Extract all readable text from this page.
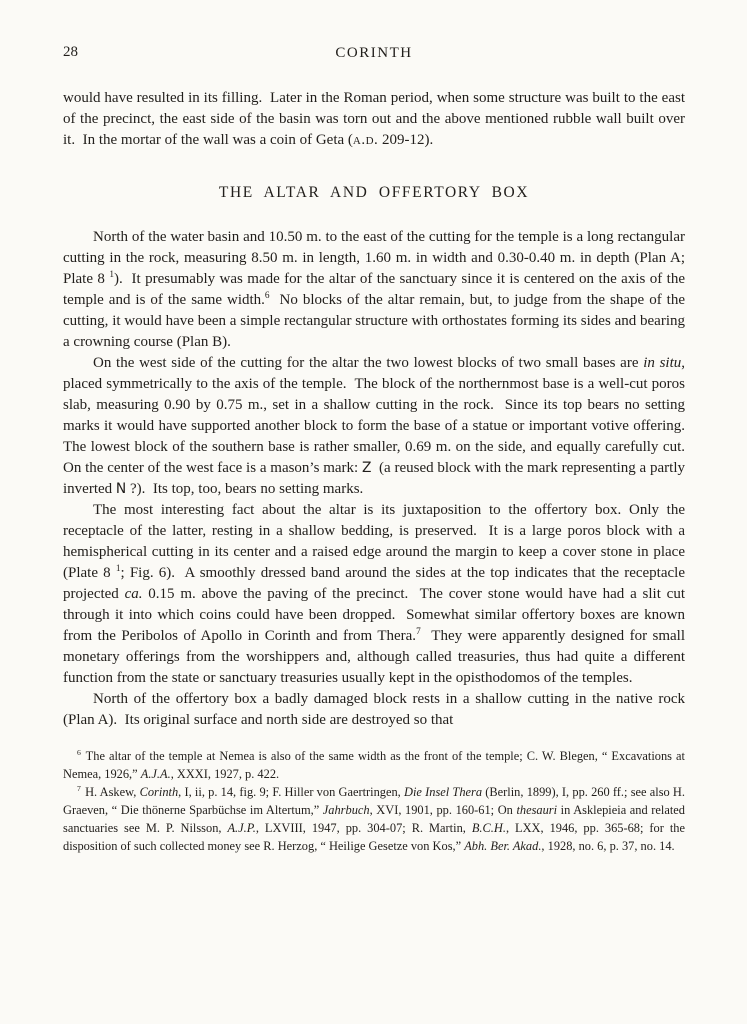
28	CORINTH

would have resulted in its filling.  Later in the Roman period, when some structure was built to the east of the precinct, the east side of the basin was torn out and the above mentioned rubble wall built over it.  In the mortar of the wall was a coin of Geta (a.d. 209-12).

THE ALTAR AND OFFERTORY BOX

North of the water basin and 10.50 m. to the east of the cutting for the temple is a long rectangular cutting in the rock, measuring 8.50 m. in length, 1.60 m. in width and 0.30-0.40 m. in depth (Plan A; Plate 8 $^1$).  It presumably was made for the altar of the sanctuary since it is centered on the axis of the temple and is of the same width.$^6$  No blocks of the altar remain, but, to judge from the shape of the cutting, it would have been a simple rectangular structure with orthostates forming its sides and bearing a crowning course (Plan B).

On the west side of the cutting for the altar the two lowest blocks of two small bases are in situ, placed symmetrically to the axis of the temple.  The block of the northernmost base is a well-cut poros slab, measuring 0.90 by 0.75 m., set in a shallow cutting in the rock.  Since its top bears no setting marks it would have supported another block to form the base of a statue or important votive offering.  The lowest block of the southern base is rather smaller, 0.69 m. on the side, and equally carefully cut.  On the center of the west face is a mason’s mark: Z  (a reused block with the mark representing a partly inverted N ?).  Its top, too, bears no setting marks.

The most interesting fact about the altar is its juxtaposition to the offertory box. Only the receptacle of the latter, resting in a shallow bedding, is preserved.  It is a large poros block with a hemispherical cutting in its center and a raised edge around the margin to keep a cover stone in place (Plate 8 $^1$; Fig. 6).  A smoothly dressed band around the sides at the top indicates that the receptacle projected ca. 0.15 m. above the paving of the precinct.  The cover stone would have had a slit cut through it into which coins could have been dropped.  Somewhat similar offertory boxes are known from the Peribolos of Apollo in Corinth and from Thera.$^7$  They were apparently designed for small monetary offerings from the worshippers and, although called treasuries, thus had quite a different function from the state or sanctuary treasuries usually kept in the opisthodomos of the temples.

North of the offertory box a badly damaged block rests in a shallow cutting in the native rock (Plan A).  Its original surface and north side are destroyed so that

$^6$ The altar of the temple at Nemea is also of the same width as the front of the temple; C. W. Blegen, “ Excavations at Nemea, 1926,” A.J.A., XXXI, 1927, p. 422.

$^7$ H. Askew, Corinth, I, ii, p. 14, fig. 9; F. Hiller von Gaertringen, Die Insel Thera (Berlin, 1899), I, pp. 260 ff.; see also H. Graeven, “ Die thönerne Sparbüchse im Altertum,” Jahrbuch, XVI, 1901, pp. 160-61; On thesauri in Asklepieia and related sanctuaries see M. P. Nilsson, A.J.P., LXVIII, 1947, pp. 304-07; R. Martin, B.C.H., LXX, 1946, pp. 365-68; for the disposition of such collected money see R. Herzog, “ Heilige Gesetze von Kos,” Abh. Ber. Akad., 1928, no. 6, p. 37, no. 14.
